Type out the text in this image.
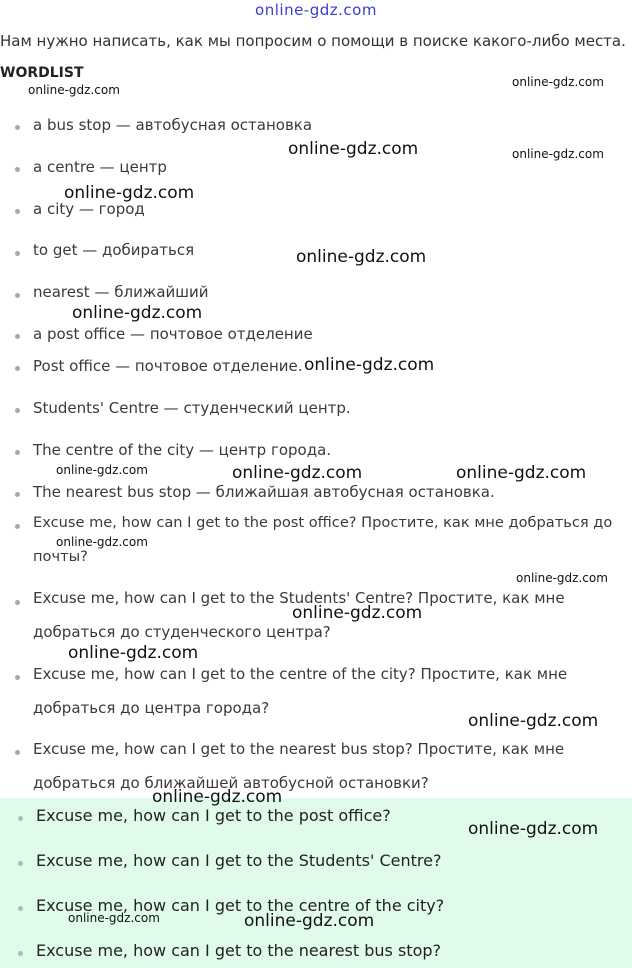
online-gdz.com
Нам нужно написать, как мы попросим о помощи в поиске какого-либо места.
WORDLIST
a bus stop — автобусная остановка
a centre — центр
a city — город
to get — добираться
nearest — ближайший
a post office — почтовое отделение
Post office — почтовое отделение.
Students' Centre — студенческий центр.
The centre of the city — центр города.
The nearest bus stop — ближайшая автобусная остановка.
Excuse me, how can I get to the post office? Простите, как мне добраться до почты?
Excuse me, how can I get to the Students' Centre? Простите, как мне добраться до студенческого центра?
Excuse me, how can I get to the centre of the city? Простите, как мне добраться до центра города?
Excuse me, how can I get to the nearest bus stop? Простите, как мне добраться до ближайшей автобусной остановки?
Excuse me, how can I get to the post office?
Excuse me, how can I get to the Students' Centre?
Excuse me, how can I get to the centre of the city?
Excuse me, how can I get to the nearest bus stop?
online-gdz.com
online-gdz.com
online-gdz.com	online-gdz.com
online-gdz.com
online-gdz.com
online-gdz.com
online-gdz.com
online-gdz.com	online-gdz.com	online-gdz.com
online-gdz.com
online-gdz.com
online-gdz.com
online-gdz.com
online-gdz.com
online-gdz.com
online-gdz.com
online-gdz.com	online-gdz.com
